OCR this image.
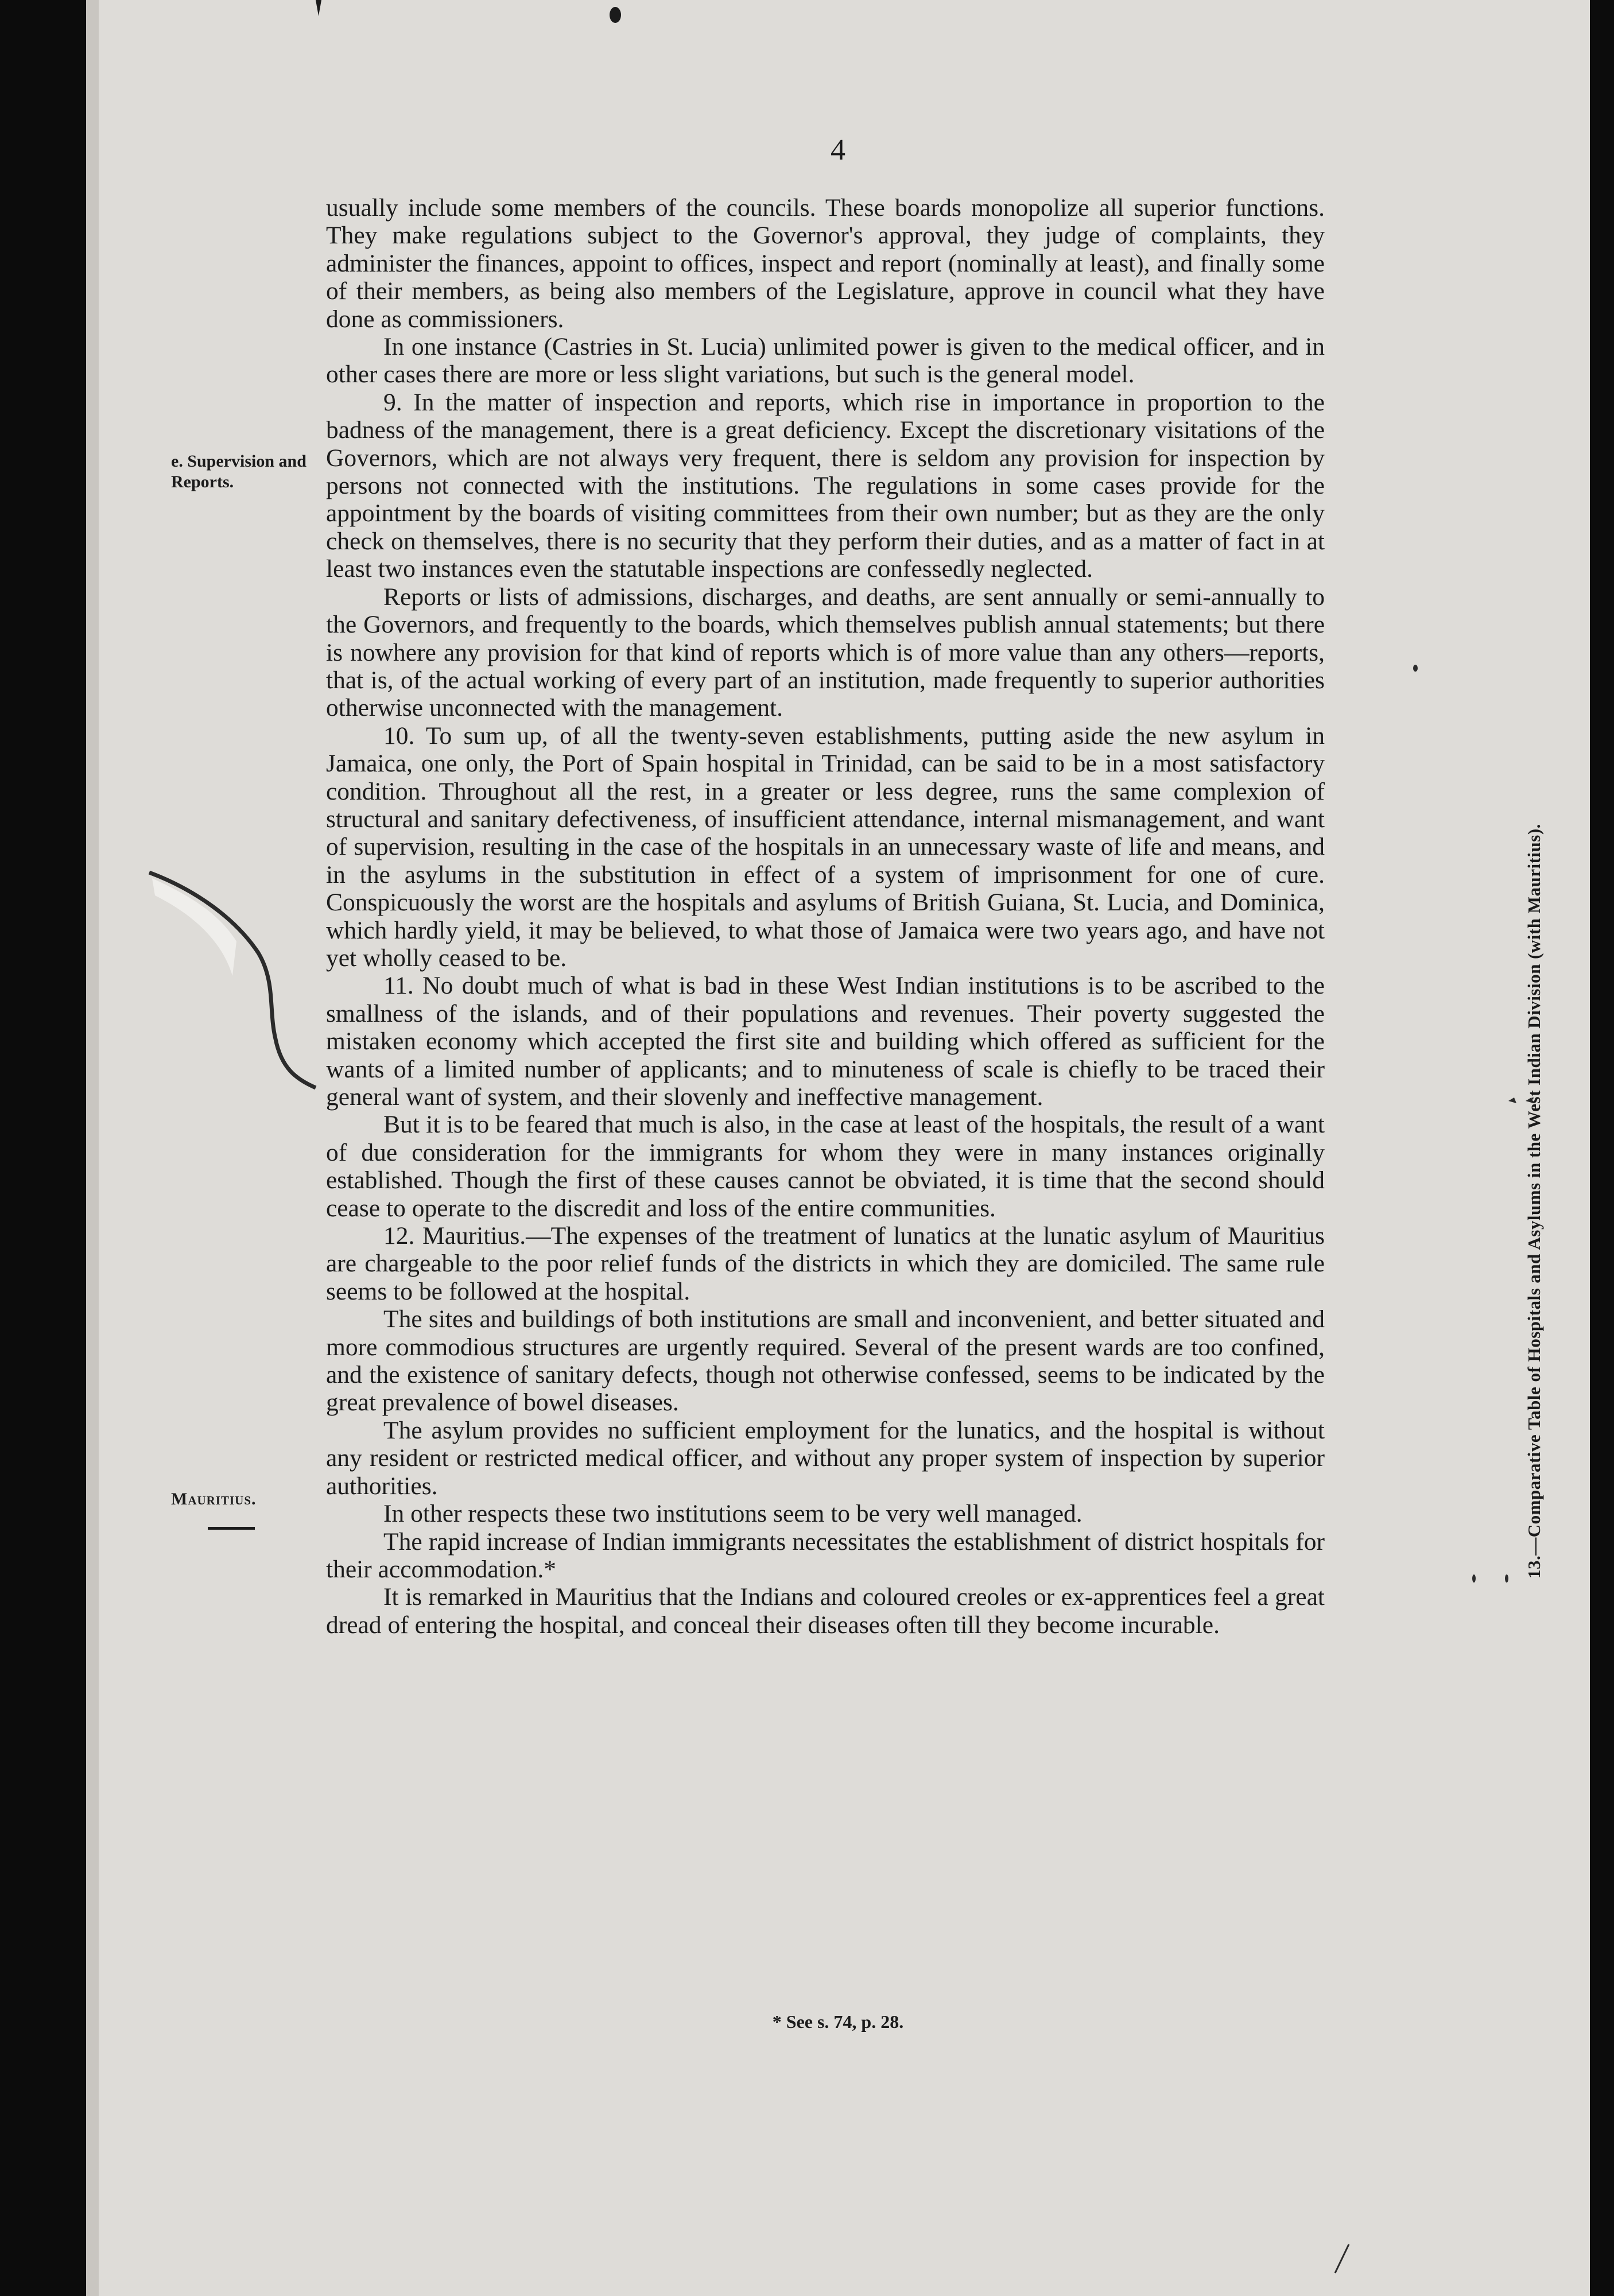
4
e. Supervision and Reports.
Mauritius.

usually include some members of the councils. These boards monopolize all superior functions. They make regulations subject to the Governor's approval, they judge of complaints, they administer the finances, appoint to offices, inspect and report (nominally at least), and finally some of their members, as being also members of the Legislature, approve in council what they have done as commissioners.

In one instance (Castries in St. Lucia) unlimited power is given to the medical officer, and in other cases there are more or less slight variations, but such is the general model.

9. In the matter of inspection and reports, which rise in importance in proportion to the badness of the management, there is a great deficiency. Except the discretionary visitations of the Governors, which are not always very frequent, there is seldom any provision for inspection by persons not connected with the institutions. The regulations in some cases provide for the appointment by the boards of visiting committees from their own number; but as they are the only check on themselves, there is no security that they perform their duties, and as a matter of fact in at least two instances even the statutable inspections are confessedly neglected.

Reports or lists of admissions, discharges, and deaths, are sent annually or semi-annually to the Governors, and frequently to the boards, which themselves publish annual statements; but there is nowhere any provision for that kind of reports which is of more value than any others—reports, that is, of the actual working of every part of an institution, made frequently to superior authorities otherwise unconnected with the management.

10. To sum up, of all the twenty-seven establishments, putting aside the new asylum in Jamaica, one only, the Port of Spain hospital in Trinidad, can be said to be in a most satisfactory condition. Throughout all the rest, in a greater or less degree, runs the same complexion of structural and sanitary defectiveness, of insufficient attendance, internal mismanagement, and want of supervision, resulting in the case of the hospitals in an unnecessary waste of life and means, and in the asylums in the substitution in effect of a system of imprisonment for one of cure. Conspicuously the worst are the hospitals and asylums of British Guiana, St. Lucia, and Dominica, which hardly yield, it may be believed, to what those of Jamaica were two years ago, and have not yet wholly ceased to be.

11. No doubt much of what is bad in these West Indian institutions is to be ascribed to the smallness of the islands, and of their populations and revenues. Their poverty suggested the mistaken economy which accepted the first site and building which offered as sufficient for the wants of a limited number of applicants; and to minuteness of scale is chiefly to be traced their general want of system, and their slovenly and ineffective management.

But it is to be feared that much is also, in the case at least of the hospitals, the result of a want of due consideration for the immigrants for whom they were in many instances originally established. Though the first of these causes cannot be obviated, it is time that the second should cease to operate to the discredit and loss of the entire communities.

12. Mauritius.—The expenses of the treatment of lunatics at the lunatic asylum of Mauritius are chargeable to the poor relief funds of the districts in which they are domiciled. The same rule seems to be followed at the hospital.

The sites and buildings of both institutions are small and inconvenient, and better situated and more commodious structures are urgently required. Several of the present wards are too confined, and the existence of sanitary defects, though not otherwise confessed, seems to be indicated by the great prevalence of bowel diseases.

The asylum provides no sufficient employment for the lunatics, and the hospital is without any resident or restricted medical officer, and without any proper system of inspection by superior authorities.

In other respects these two institutions seem to be very well managed.

The rapid increase of Indian immigrants necessitates the establishment of district hospitals for their accommodation.*

It is remarked in Mauritius that the Indians and coloured creoles or ex-apprentices feel a great dread of entering the hospital, and conceal their diseases often till they become incurable.

* See s. 74, p. 28.
13.—Comparative Table of Hospitals and Asylums in the West Indian Division (with Mauritius).
